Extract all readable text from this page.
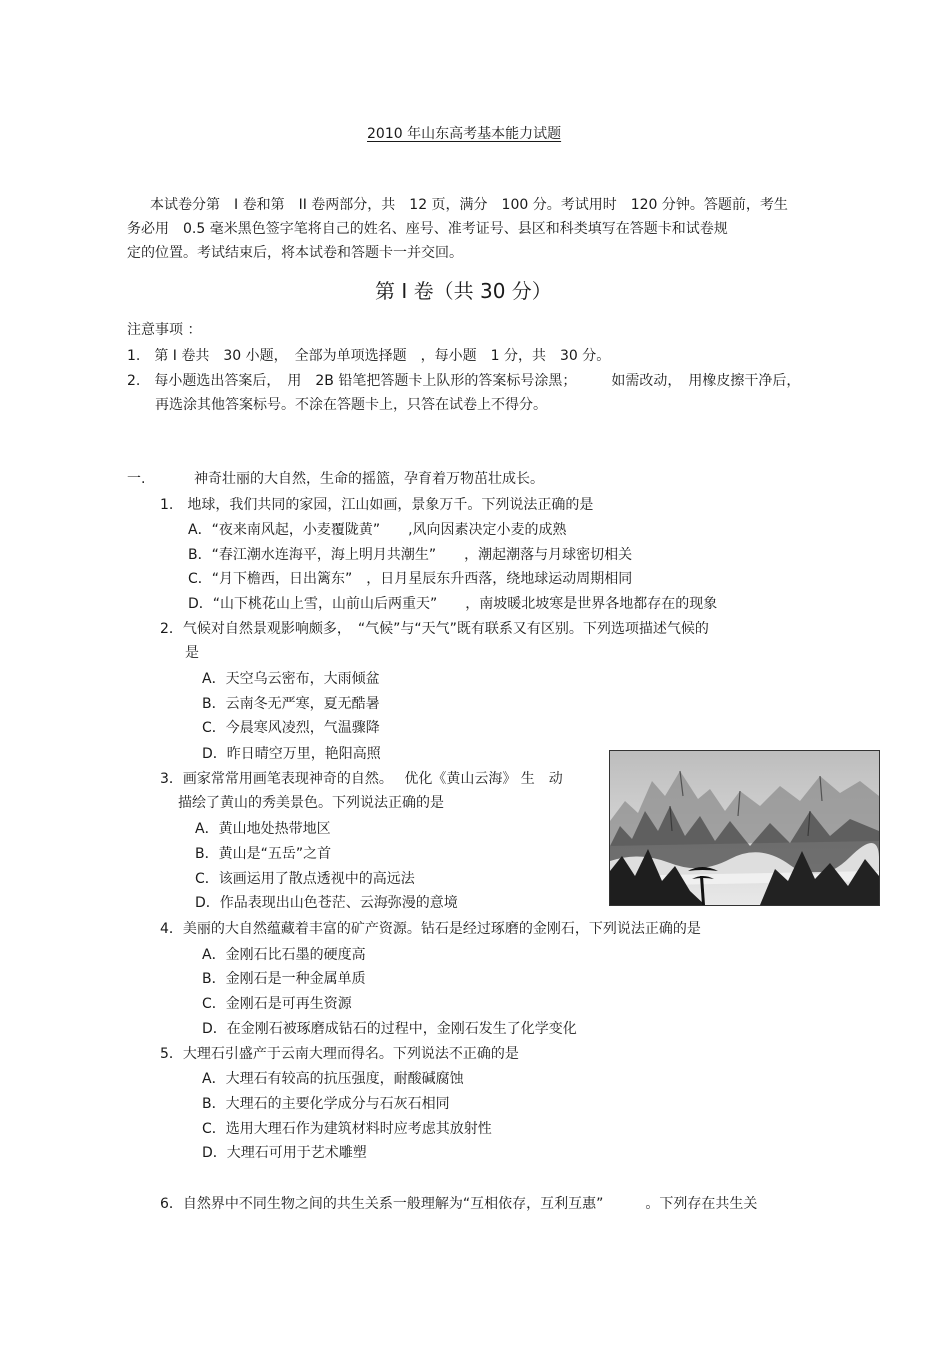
2010 年山东高考基本能力试题
本试卷分第　I 卷和第　II 卷两部分，共　12 页，满分　100 分。考试用时　120 分钟。答题前，考生
务必用　0.5 毫米黑色签字笔将自己的姓名、座号、准考证号、县区和科类填写在答题卡和试卷规
定的位置。考试结束后，将本试卷和答题卡一并交回。
第 I 卷（共 30 分）
注意事项 ：
1.　第 I 卷共　30 小题，　全部为单项选择题　，每小题　1 分，共　30 分。
2.　每小题选出答案后，　用　2B 铅笔把答题卡上队形的答案标号涂黑；　　　如需改动，　用橡皮擦干净后，
再选涂其他答案标号。不涂在答题卡上，只答在试卷上不得分。
一.	神奇壮丽的大自然，生命的摇篮，孕育着万物茁壮成长。
1.　地球，我们共同的家园，江山如画，景象万千。下列说法正确的是
A．“夜来南风起，小麦覆陇黄”　　,风向因素决定小麦的成熟
B．“春江潮水连海平，海上明月共潮生”　　，潮起潮落与月球密切相关
C．“月下檐西，日出篱东”　，日月星辰东升西落，绕地球运动周期相同
D．“山下桃花山上雪，山前山后两重天”　　，南坡暖北坡寒是世界各地都存在的现象
2．气候对自然景观影响颇多，　“气候”与“天气”既有联系又有区别。下列选项描述气候的
是
A．天空乌云密布，大雨倾盆
B．云南冬无严寒，夏无酷暑
C．今晨寒风凌烈，气温骤降
D．昨日晴空万里，艳阳高照
3．画家常常用画笔表现神奇的自然。　 优化《黄山云海》 生　动
描绘了黄山的秀美景色。下列说法正确的是
A．黄山地处热带地区
B．黄山是“五岳”之首
C．该画运用了散点透视中的高远法
D．作品表现出山色苍茫、云海弥漫的意境
4．美丽的大自然蕴藏着丰富的矿产资源。钻石是经过琢磨的金刚石，下列说法正确的是
A．金刚石比石墨的硬度高
B．金刚石是一种金属单质
C．金刚石是可再生资源
D．在金刚石被琢磨成钻石的过程中，金刚石发生了化学变化
5．大理石引盛产于云南大理而得名。下列说法不正确的是
A．大理石有较高的抗压强度，耐酸碱腐蚀
B．大理石的主要化学成分与石灰石相同
C．选用大理石作为建筑材料时应考虑其放射性
D．大理石可用于艺术雕塑
6．自然界中不同生物之间的共生关系一般理解为“互相依存，互利互惠”　　　。下列存在共生关
